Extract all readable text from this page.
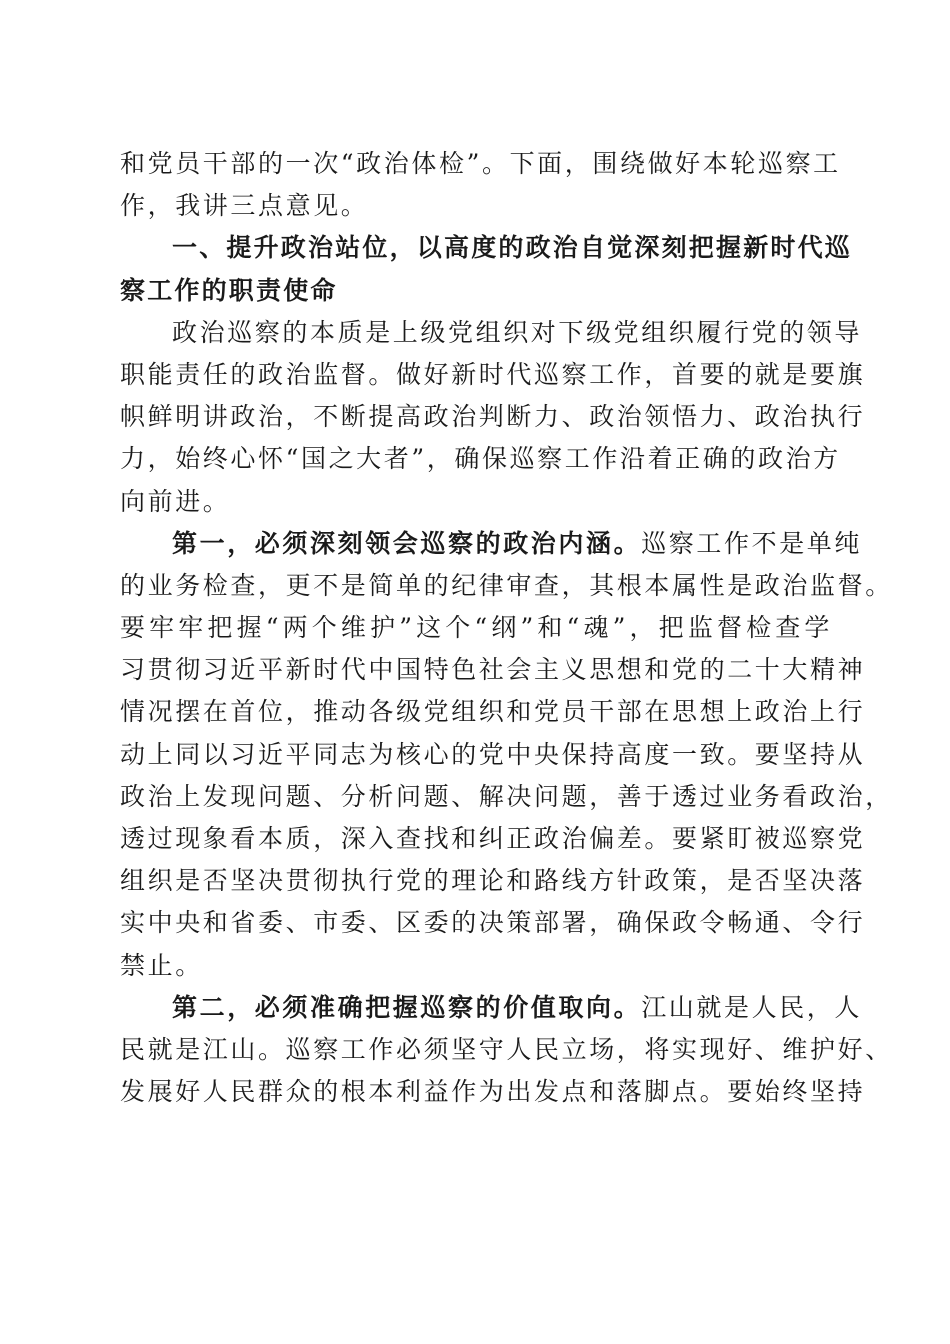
和党员干部的一次“政治体检”。下面，围绕做好本轮巡察工
作，我讲三点意见。
一、提升政治站位，以高度的政治自觉深刻把握新时代巡
察工作的职责使命
政治巡察的本质是上级党组织对下级党组织履行党的领导
职能责任的政治监督。做好新时代巡察工作，首要的就是要旗
帜鲜明讲政治，不断提高政治判断力、政治领悟力、政治执行
力，始终心怀“国之大者”，确保巡察工作沿着正确的政治方
向前进。
第一，必须深刻领会巡察的政治内涵。巡察工作不是单纯
的业务检查，更不是简单的纪律审查，其根本属性是政治监督。
要牢牢把握“两个维护”这个“纲”和“魂”，把监督检查学
习贯彻习近平新时代中国特色社会主义思想和党的二十大精神
情况摆在首位，推动各级党组织和党员干部在思想上政治上行
动上同以习近平同志为核心的党中央保持高度一致。要坚持从
政治上发现问题、分析问题、解决问题，善于透过业务看政治，
透过现象看本质，深入查找和纠正政治偏差。要紧盯被巡察党
组织是否坚决贯彻执行党的理论和路线方针政策，是否坚决落
实中央和省委、市委、区委的决策部署，确保政令畅通、令行
禁止。
第二，必须准确把握巡察的价值取向。江山就是人民，人
民就是江山。巡察工作必须坚守人民立场，将实现好、维护好、
发展好人民群众的根本利益作为出发点和落脚点。要始终坚持
